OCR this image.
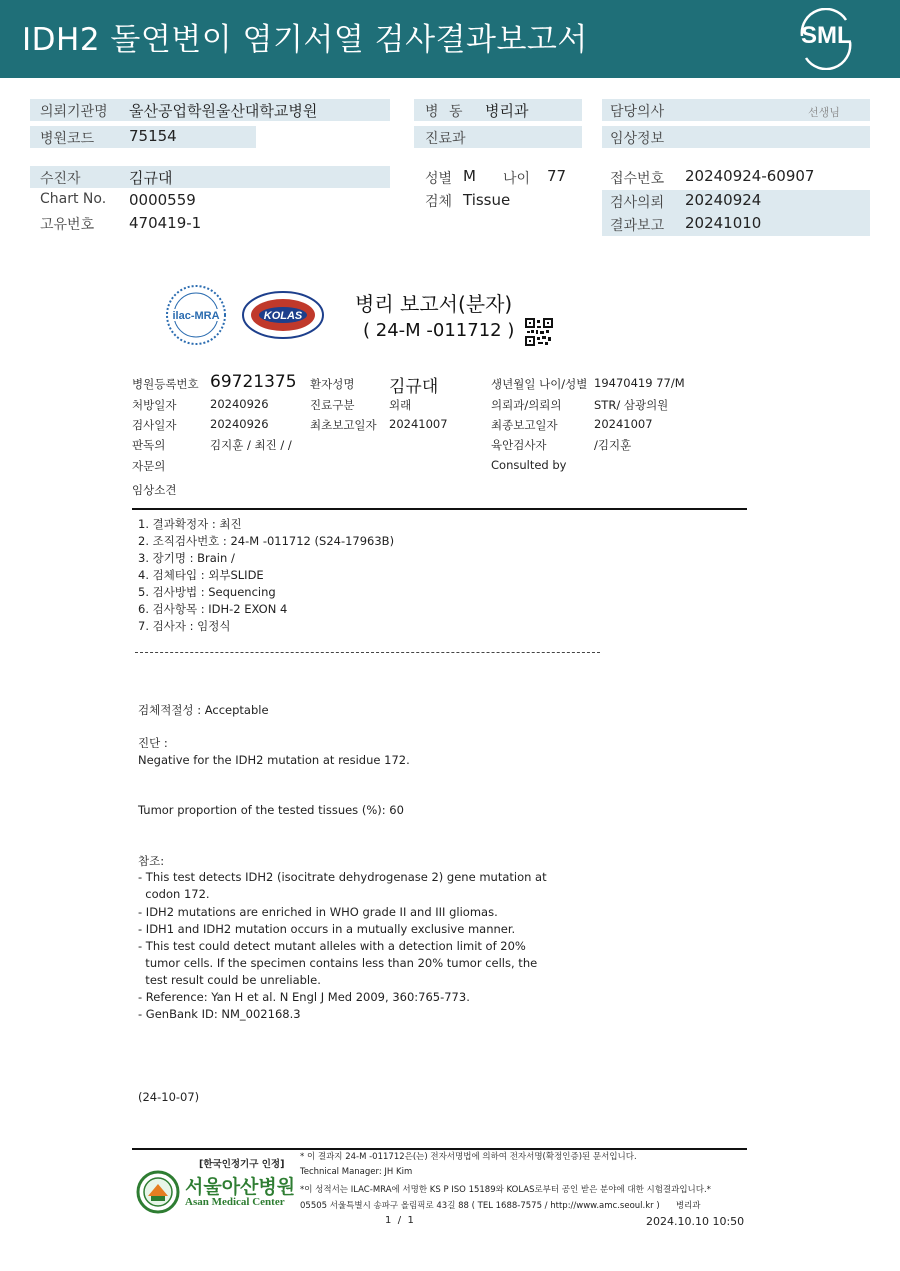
IDH2 돌연변이 염기서열 검사결과보고서	SML
의뢰기관명 울산공업학원울산대학교병원	병 동 병리과	담당의사	선생님
병원코드 75154	진료과	임상정보
수진자	김규대	성별 M 나이 77	접수번호 20240924-60907
Chart No. 0000559	검체 Tissue	검사의뢰 20240924
고유번호 470419-1	결과보고 20241010
ilac-MRA	KOLAS	병리 보고서(분자)
( 24-M -011712 )
병원등록번호 69721375 환자성명 김규대	생년월일 나이/성별 19470419 77/M
처방일자	20240926	진료구분	외래	의뢰과/의뢰의	STR/ 삼광의원
검사일자	20240926	최초보고일자 20241007	최종보고일자	20241007
판독의	김지훈 / 최진 / /	육안검사자	/김지훈
자문의	Consulted by
임상소견
1. 결과확정자 : 최진
2. 조직검사번호 : 24-M -011712 (S24-17963B)
3. 장기명 : Brain /
4. 검체타입 : 외부SLIDE
5. 검사방법 : Sequencing
6. 검사항목 : IDH-2 EXON 4
7. 검사자 : 임정식
검체적절성 : Acceptable
진단 :
Negative for the IDH2 mutation at residue 172.
Tumor proportion of the tested tissues (%): 60
참조:
- This test detects IDH2 (isocitrate dehydrogenase 2) gene mutation at
codon 172.
- IDH2 mutations are enriched in WHO grade II and III gliomas.
- IDH1 and IDH2 mutation occurs in a mutually exclusive manner.
- This test could detect mutant alleles with a detection limit of 20%
tumor cells. If the specimen contains less than 20% tumor cells, the
test result could be unreliable.
- Reference: Yan H et al. N Engl J Med 2009, 360:765-773.
- GenBank ID: NM_002168.3
(24-10-07)
[한국인정기구 인정]
서울아산병원
Asan Medical Center
* 이 결과지 24-M -011712은(는) 전자서명법에 의하여 전자서명(확정인증)된 문서입니다.
Technical Manager: JH Kim
*이 성적서는 ILAC-MRA에 서명한 KS P ISO 15189와 KOLAS로부터 공인 받은 분야에 대한 시험결과입니다.*
05505 서울특별시 송파구 올림픽로 43길 88 ( TEL 1688-7575 / http://www.amc.seoul.kr )      병리과
1  /  1	2024.10.10 10:50
